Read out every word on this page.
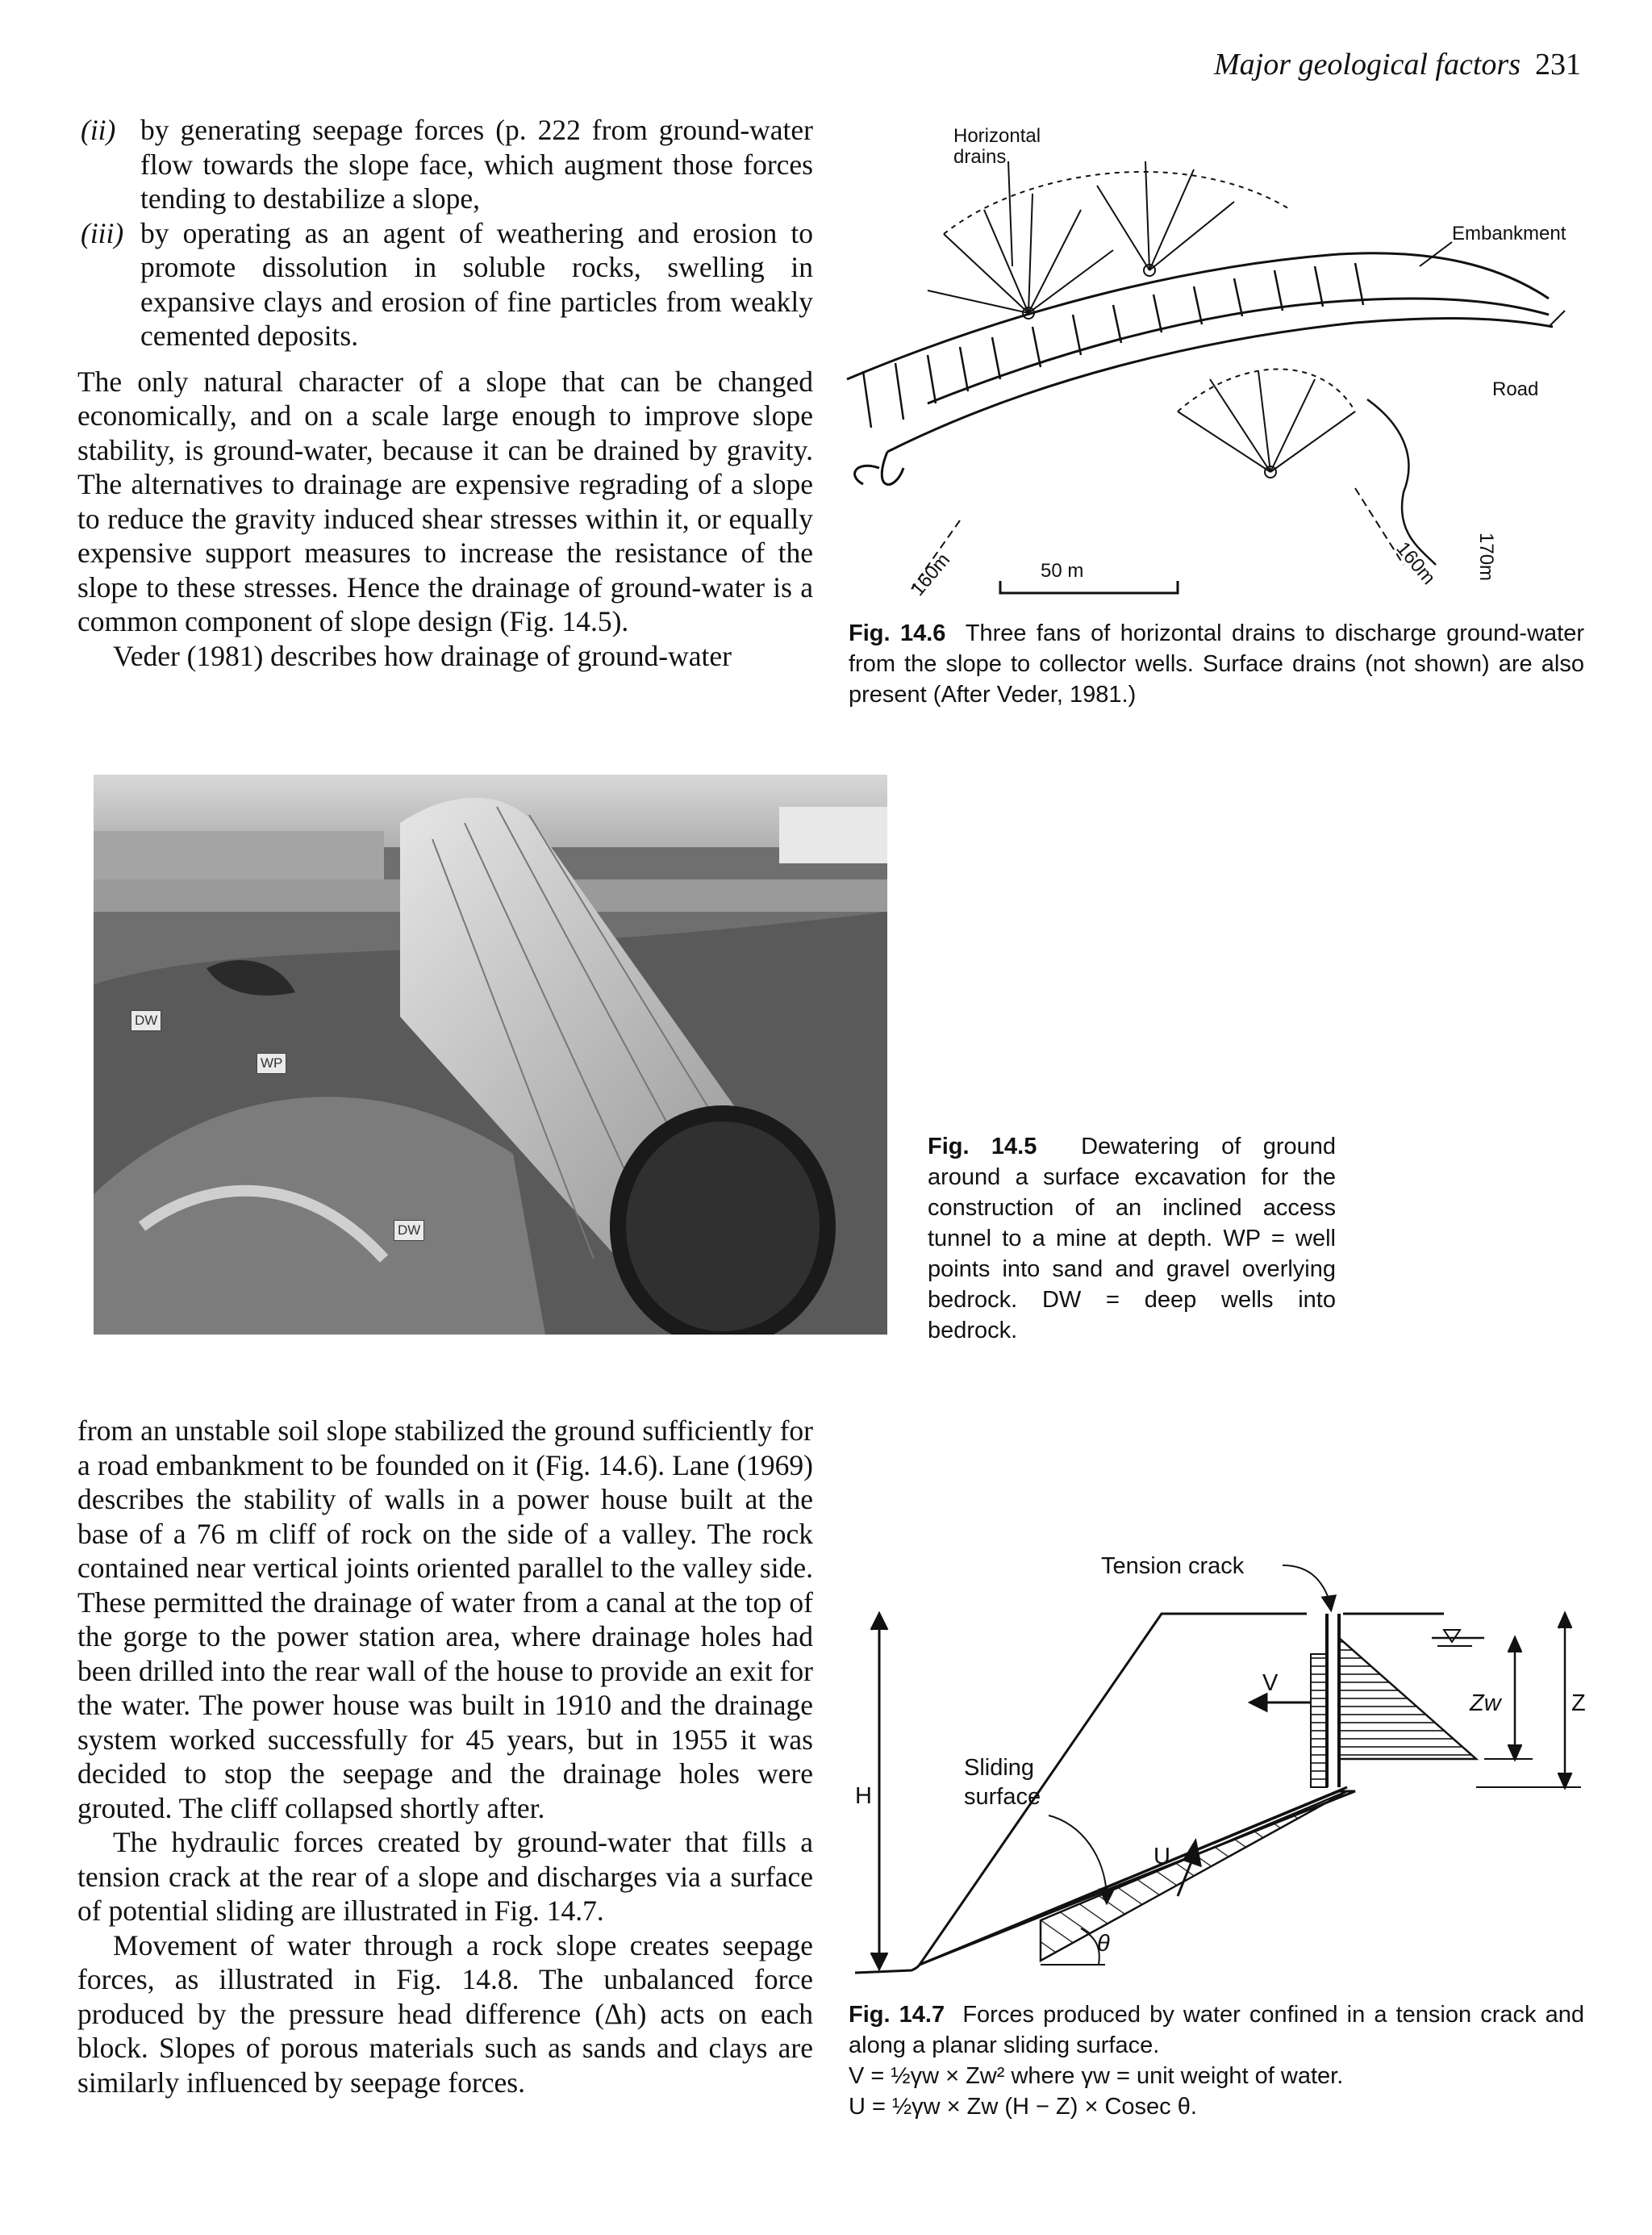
Major geological factors 231
(ii) by generating seepage forces (p. 222 from ground-water flow towards the slope face, which augment those forces tending to destabilize a slope,
(iii) by operating as an agent of weathering and erosion to promote dissolution in soluble rocks, swelling in expansive clays and erosion of fine particles from weakly cemented deposits.

The only natural character of a slope that can be changed economically, and on a scale large enough to improve slope stability, is ground-water, because it can be drained by gravity. The alternatives to drainage are expensive regrading of a slope to reduce the gravity induced shear stresses within it, or equally expensive support measures to increase the resistance of the slope to these stresses. Hence the drainage of ground-water is a common component of slope design (Fig. 14.5).

Veder (1981) describes how drainage of ground-water

Horizontal
drains
Embankment
Road
50 m	170m
160m	160m
Fig. 14.6 Three fans of horizontal drains to discharge ground-water from the slope to collector wells. Surface drains (not shown) are also present (After Veder, 1981.)
DW
WP
DW
Fig. 14.5 Dewatering of ground around a surface excavation for the construction of an inclined access tunnel to a mine at depth. WP = well points into sand and gravel overlying bedrock. DW = deep wells into bedrock.

from an unstable soil slope stabilized the ground sufficiently for a road embankment to be founded on it (Fig. 14.6). Lane (1969) describes the stability of walls in a power house built at the base of a 76 m cliff of rock on the side of a valley. The rock contained near vertical joints oriented parallel to the valley side. These permitted the drainage of water from a canal at the top of the gorge to the power station area, where drainage holes had been drilled into the rear wall of the house to provide an exit for the water. The power house was built in 1910 and the drainage system worked successfully for 45 years, but in 1955 it was decided to stop the seepage and the drainage holes were grouted. The cliff collapsed shortly after.

The hydraulic forces created by ground-water that fills a tension crack at the rear of a slope and discharges via a surface of potential sliding are illustrated in Fig. 14.7.

Movement of water through a rock slope creates seepage forces, as illustrated in Fig. 14.8. The unbalanced force produced by the pressure head difference (Δh) acts on each block. Slopes of porous materials such as sands and clays are similarly influenced by seepage forces.

Tension crack
H
V
Zw	Z
U
Sliding
surface
θ
Fig. 14.7 Forces produced by water confined in a tension crack and along a planar sliding surface.
V = ½γw × Zw² where γw = unit weight of water.
U = ½γw × Zw (H − Z) × Cosec θ.
